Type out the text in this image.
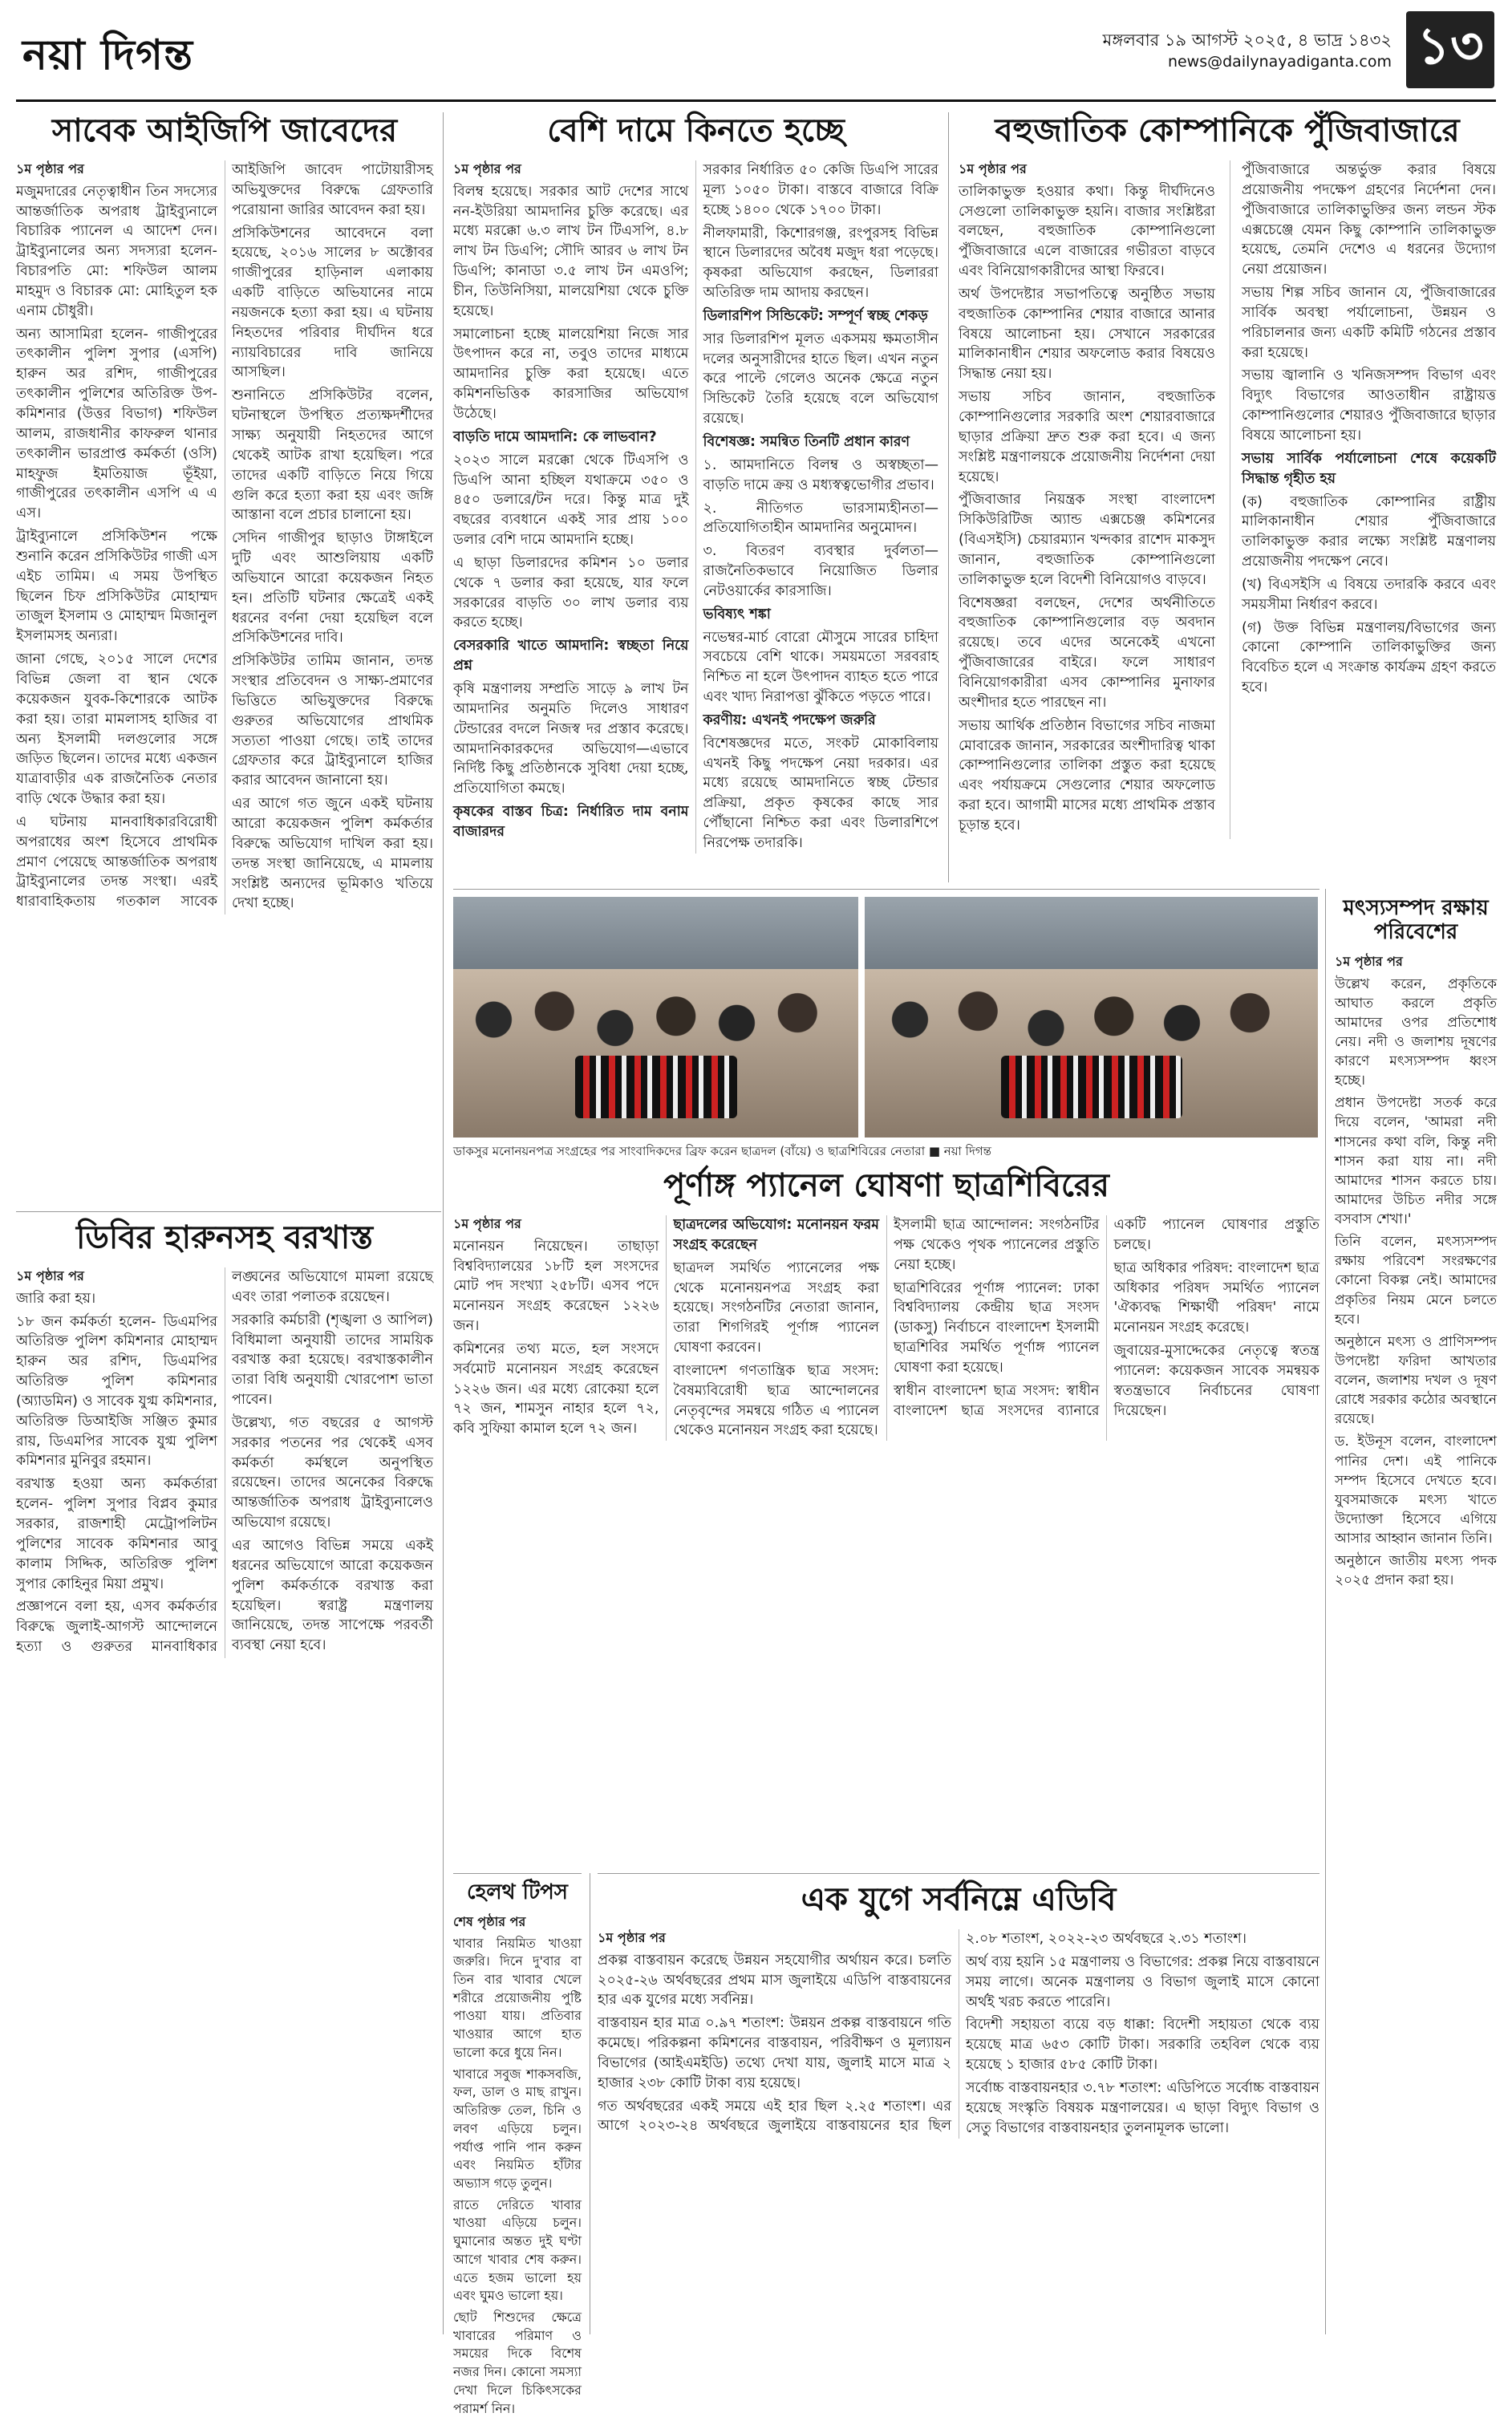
নয়া দিগন্ত	মঙ্গলবার ১৯ আগস্ট ২০২৫, ৪ ভাদ্র ১৪৩২
news@dailynayadiganta.com ১৩
সাবেক আইজিপি জাবেদের

১ম পৃষ্ঠার পর

মজুমদারের নেতৃত্বাধীন তিন সদস্যের আন্তর্জাতিক অপরাধ ট্রাইব্যুনালে বিচারিক প্যানেল এ আদেশ দেন। ট্রাইব্যুনালের অন্য সদস্যরা হলেন- বিচারপতি মো: শফিউল আলম মাহমুদ ও বিচারক মো: মোহিতুল হক এনাম চৌধুরী।

অন্য আসামিরা হলেন- গাজীপুরের তৎকালীন পুলিশ সুপার (এসপি) হারুন অর রশিদ, গাজীপুরের তৎকালীন পুলিশের অতিরিক্ত উপ-কমিশনার (উত্তর বিভাগ) শফিউল আলম, রাজধানীর কাফরুল থানার তৎকালীন ভারপ্রাপ্ত কর্মকর্তা (ওসি) মাহফুজ ইমতিয়াজ ভূঁইয়া, গাজীপুরের তৎকালীন এসপি এ এ এস।

ট্রাইব্যুনালে প্রসিকিউশন পক্ষে শুনানি করেন প্রসিকিউটর গাজী এস এইচ তামিম। এ সময় উপস্থিত ছিলেন চিফ প্রসিকিউটর মোহাম্মদ তাজুল ইসলাম ও মোহাম্মদ মিজানুল ইসলামসহ অন্যরা।

জানা গেছে, ২০১৫ সালে দেশের বিভিন্ন জেলা বা স্থান থেকে কয়েকজন যুবক-কিশোরকে আটক করা হয়। তারা মামলাসহ হাজির বা অন্য ইসলামী দলগুলোর সঙ্গে জড়িত ছিলেন। তাদের মধ্যে একজন যাত্রাবাড়ীর এক রাজনৈতিক নেতার বাড়ি থেকে উদ্ধার করা হয়।

এ ঘটনায় মানবাধিকারবিরোধী অপরাধের অংশ হিসেবে প্রাথমিক প্রমাণ পেয়েছে আন্তর্জাতিক অপরাধ ট্রাইব্যুনালের তদন্ত সংস্থা। এরই ধারাবাহিকতায় গতকাল সাবেক আইজিপি জাবেদ পাটোয়ারীসহ অভিযুক্তদের বিরুদ্ধে গ্রেফতারি পরোয়ানা জারির আবেদন করা হয়।

প্রসিকিউশনের আবেদনে বলা হয়েছে, ২০১৬ সালের ৮ অক্টোবর গাজীপুরের হাড়িনাল এলাকায় একটি বাড়িতে অভিযানের নামে নয়জনকে হত্যা করা হয়। এ ঘটনায় নিহতদের পরিবার দীর্ঘদিন ধরে ন্যায়বিচারের দাবি জানিয়ে আসছিল।

শুনানিতে প্রসিকিউটর বলেন, ঘটনাস্থলে উপস্থিত প্রত্যক্ষদর্শীদের সাক্ষ্য অনুযায়ী নিহতদের আগে থেকেই আটক রাখা হয়েছিল। পরে তাদের একটি বাড়িতে নিয়ে গিয়ে গুলি করে হত্যা করা হয় এবং জঙ্গি আস্তানা বলে প্রচার চালানো হয়।

সেদিন গাজীপুর ছাড়াও টাঙ্গাইলে দুটি এবং আশুলিয়ায় একটি অভিযানে আরো কয়েকজন নিহত হন। প্রতিটি ঘটনার ক্ষেত্রেই একই ধরনের বর্ণনা দেয়া হয়েছিল বলে প্রসিকিউশনের দাবি।

প্রসিকিউটর তামিম জানান, তদন্ত সংস্থার প্রতিবেদন ও সাক্ষ্য-প্রমাণের ভিত্তিতে অভিযুক্তদের বিরুদ্ধে গুরুতর অভিযোগের প্রাথমিক সত্যতা পাওয়া গেছে। তাই তাদের গ্রেফতার করে ট্রাইব্যুনালে হাজির করার আবেদন জানানো হয়।

এর আগে গত জুনে একই ঘটনায় আরো কয়েকজন পুলিশ কর্মকর্তার বিরুদ্ধে অভিযোগ দাখিল করা হয়। তদন্ত সংস্থা জানিয়েছে, এ মামলায় সংশ্লিষ্ট অন্যদের ভূমিকাও খতিয়ে দেখা হচ্ছে।

বেশি দামে কিনতে হচ্ছে

১ম পৃষ্ঠার পর

বিলম্ব হয়েছে। সরকার আট দেশের সাথে নন-ইউরিয়া আমদানির চুক্তি করেছে। এর মধ্যে মরক্কো ৬.৩ লাখ টন টিএসপি, ৪.৮ লাখ টন ডিএপি; সৌদি আরব ৬ লাখ টন ডিএপি; কানাডা ৩.৫ লাখ টন এমওপি; চীন, তিউনিসিয়া, মালয়েশিয়া থেকে চুক্তি হয়েছে।

সমালোচনা হচ্ছে মালয়েশিয়া নিজে সার উৎপাদন করে না, তবুও তাদের মাধ্যমে আমদানির চুক্তি করা হয়েছে। এতে কমিশনভিত্তিক কারসাজির অভিযোগ উঠেছে।

বাড়তি দামে আমদানি: কে লাভবান?

২০২৩ সালে মরক্কো থেকে টিএসপি ও ডিএপি আনা হচ্ছিল যথাক্রমে ৩৫০ ও ৪৫০ ডলারে/টন দরে। কিন্তু মাত্র দুই বছরের ব্যবধানে একই সার প্রায় ১০০ ডলার বেশি দামে আমদানি হচ্ছে।

এ ছাড়া ডিলারদের কমিশন ১০ ডলার থেকে ৭ ডলার করা হয়েছে, যার ফলে সরকারের বাড়তি ৩০ লাখ ডলার ব্যয় করতে হচ্ছে।

বেসরকারি খাতে আমদানি: স্বচ্ছতা নিয়ে প্রশ্ন

কৃষি মন্ত্রণালয় সম্প্রতি সাড়ে ৯ লাখ টন আমদানির অনুমতি দিলেও সাধারণ টেন্ডারের বদলে নিজস্ব দর প্রস্তাব করেছে। আমদানিকারকদের অভিযোগ—এভাবে নির্দিষ্ট কিছু প্রতিষ্ঠানকে সুবিধা দেয়া হচ্ছে, প্রতিযোগিতা কমছে।

কৃষকের বাস্তব চিত্র: নির্ধারিত দাম বনাম বাজারদর

সরকার নির্ধারিত ৫০ কেজি ডিএপি সারের মূল্য ১০৫০ টাকা। বাস্তবে বাজারে বিক্রি হচ্ছে ১৪০০ থেকে ১৭০০ টাকা।

নীলফামারী, কিশোরগঞ্জ, রংপুরসহ বিভিন্ন স্থানে ডিলারদের অবৈধ মজুদ ধরা পড়েছে। কৃষকরা অভিযোগ করছেন, ডিলাররা অতিরিক্ত দাম আদায় করছেন।

ডিলারশিপ সিন্ডিকেট: সম্পূর্ণ স্বচ্ছ শেকড়

সার ডিলারশিপ মূলত একসময় ক্ষমতাসীন দলের অনুসারীদের হাতে ছিল। এখন নতুন করে পাল্টে গেলেও অনেক ক্ষেত্রে নতুন সিন্ডিকেট তৈরি হয়েছে বলে অভিযোগ রয়েছে।

বিশেষজ্ঞ: সমন্বিত তিনটি প্রধান কারণ

১. আমদানিতে বিলম্ব ও অস্বচ্ছতা—বাড়তি দামে ক্রয় ও মধ্যস্বত্বভোগীর প্রভাব।

২. নীতিগত ভারসাম্যহীনতা—প্রতিযোগিতাহীন আমদানির অনুমোদন।

৩. বিতরণ ব্যবস্থার দুর্বলতা—রাজনৈতিকভাবে নিয়োজিত ডিলার নেটওয়ার্কের কারসাজি।

ভবিষ্যৎ শঙ্কা

নভেম্বর-মার্চ বোরো মৌসুমে সারের চাহিদা সবচেয়ে বেশি থাকে। সময়মতো সরবরাহ নিশ্চিত না হলে উৎপাদন ব্যাহত হতে পারে এবং খাদ্য নিরাপত্তা ঝুঁকিতে পড়তে পারে।

করণীয়: এখনই পদক্ষেপ জরুরি

বিশেষজ্ঞদের মতে, সংকট মোকাবিলায় এখনই কিছু পদক্ষেপ নেয়া দরকার। এর মধ্যে রয়েছে আমদানিতে স্বচ্ছ টেন্ডার প্রক্রিয়া, প্রকৃত কৃষকের কাছে সার পৌঁছানো নিশ্চিত করা এবং ডিলারশিপে নিরপেক্ষ তদারকি।

বহুজাতিক কোম্পানিকে পুঁজিবাজারে

১ম পৃষ্ঠার পর

তালিকাভুক্ত হওয়ার কথা। কিন্তু দীর্ঘদিনেও সেগুলো তালিকাভুক্ত হয়নি। বাজার সংশ্লিষ্টরা বলছেন, বহুজাতিক কোম্পানিগুলো পুঁজিবাজারে এলে বাজারের গভীরতা বাড়বে এবং বিনিয়োগকারীদের আস্থা ফিরবে।

অর্থ উপদেষ্টার সভাপতিত্বে অনুষ্ঠিত সভায় বহুজাতিক কোম্পানির শেয়ার বাজারে আনার বিষয়ে আলোচনা হয়। সেখানে সরকারের মালিকানাধীন শেয়ার অফলোড করার বিষয়েও সিদ্ধান্ত নেয়া হয়।

সভায় সচিব জানান, বহুজাতিক কোম্পানিগুলোর সরকারি অংশ শেয়ারবাজারে ছাড়ার প্রক্রিয়া দ্রুত শুরু করা হবে। এ জন্য সংশ্লিষ্ট মন্ত্রণালয়কে প্রয়োজনীয় নির্দেশনা দেয়া হয়েছে।

পুঁজিবাজার নিয়ন্ত্রক সংস্থা বাংলাদেশ সিকিউরিটিজ অ্যান্ড এক্সচেঞ্জ কমিশনের (বিএসইসি) চেয়ারম্যান খন্দকার রাশেদ মাকসুদ জানান, বহুজাতিক কোম্পানিগুলো তালিকাভুক্ত হলে বিদেশী বিনিয়োগও বাড়বে।

বিশেষজ্ঞরা বলছেন, দেশের অর্থনীতিতে বহুজাতিক কোম্পানিগুলোর বড় অবদান রয়েছে। তবে এদের অনেকেই এখনো পুঁজিবাজারের বাইরে। ফলে সাধারণ বিনিয়োগকারীরা এসব কোম্পানির মুনাফার অংশীদার হতে পারছেন না।

সভায় আর্থিক প্রতিষ্ঠান বিভাগের সচিব নাজমা মোবারেক জানান, সরকারের অংশীদারিত্ব থাকা কোম্পানিগুলোর তালিকা প্রস্তুত করা হয়েছে এবং পর্যায়ক্রমে সেগুলোর শেয়ার অফলোড করা হবে। আগামী মাসের মধ্যে প্রাথমিক প্রস্তাব চূড়ান্ত হবে।

পুঁজিবাজারে অন্তর্ভুক্ত করার বিষয়ে প্রয়োজনীয় পদক্ষেপ গ্রহণের নির্দেশনা দেন। পুঁজিবাজারে তালিকাভুক্তির জন্য লন্ডন স্টক এক্সচেঞ্জে যেমন কিছু কোম্পানি তালিকাভুক্ত হয়েছে, তেমনি দেশেও এ ধরনের উদ্যোগ নেয়া প্রয়োজন।

সভায় শিল্প সচিব জানান যে, পুঁজিবাজারের সার্বিক অবস্থা পর্যালোচনা, উন্নয়ন ও পরিচালনার জন্য একটি কমিটি গঠনের প্রস্তাব করা হয়েছে।

সভায় জ্বালানি ও খনিজসম্পদ বিভাগ এবং বিদ্যুৎ বিভাগের আওতাধীন রাষ্ট্রায়ত্ত কোম্পানিগুলোর শেয়ারও পুঁজিবাজারে ছাড়ার বিষয়ে আলোচনা হয়।

সভায় সার্বিক পর্যালোচনা শেষে কয়েকটি সিদ্ধান্ত গৃহীত হয়

(ক) বহুজাতিক কোম্পানির রাষ্ট্রীয় মালিকানাধীন শেয়ার পুঁজিবাজারে তালিকাভুক্ত করার লক্ষ্যে সংশ্লিষ্ট মন্ত্রণালয় প্রয়োজনীয় পদক্ষেপ নেবে।

(খ) বিএসইসি এ বিষয়ে তদারকি করবে এবং সময়সীমা নির্ধারণ করবে।

(গ) উক্ত বিভিন্ন মন্ত্রণালয়/বিভাগের জন্য কোনো কোম্পানি তালিকাভুক্তির জন্য বিবেচিত হলে এ সংক্রান্ত কার্যক্রম গ্রহণ করতে হবে।

ডাকসুর মনোনয়নপত্র সংগ্রহের পর সাংবাদিকদের ব্রিফ করেন ছাত্রদল (বাঁয়ে) ও ছাত্রশিবিরের নেতারা ■ নয়া দিগন্ত
মৎস্যসম্পদ রক্ষায় পরিবেশের

১ম পৃষ্ঠার পর

উল্লেখ করেন, প্রকৃতিকে আঘাত করলে প্রকৃতি আমাদের ওপর প্রতিশোধ নেয়। নদী ও জলাশয় দূষণের কারণে মৎস্যসম্পদ ধ্বংস হচ্ছে।

প্রধান উপদেষ্টা সতর্ক করে দিয়ে বলেন, 'আমরা নদী শাসনের কথা বলি, কিন্তু নদী শাসন করা যায় না। নদী আমাদের শাসন করতে চায়। আমাদের উচিত নদীর সঙ্গে বসবাস শেখা।'

তিনি বলেন, মৎস্যসম্পদ রক্ষায় পরিবেশ সংরক্ষণের কোনো বিকল্প নেই। আমাদের প্রকৃতির নিয়ম মেনে চলতে হবে।

অনুষ্ঠানে মৎস্য ও প্রাণিসম্পদ উপদেষ্টা ফরিদা আখতার বলেন, জলাশয় দখল ও দূষণ রোধে সরকার কঠোর অবস্থানে রয়েছে।

ড. ইউনূস বলেন, বাংলাদেশ পানির দেশ। এই পানিকে সম্পদ হিসেবে দেখতে হবে। যুবসমাজকে মৎস্য খাতে উদ্যোক্তা হিসেবে এগিয়ে আসার আহ্বান জানান তিনি।

অনুষ্ঠানে জাতীয় মৎস্য পদক ২০২৫ প্রদান করা হয়।

পূর্ণাঙ্গ প্যানেল ঘোষণা ছাত্রশিবিরের

১ম পৃষ্ঠার পর

মনোনয়ন নিয়েছেন। তাছাড়া বিশ্ববিদ্যালয়ের ১৮টি হল সংসদের মোট পদ সংখ্যা ২৫৮টি। এসব পদে মনোনয়ন সংগ্রহ করেছেন ১২২৬ জন।

কমিশনের তথ্য মতে, হল সংসদে সর্বমোট মনোনয়ন সংগ্রহ করেছেন ১২২৬ জন। এর মধ্যে রোকেয়া হলে ৭২ জন, শামসুন নাহার হলে ৭২, কবি সুফিয়া কামাল হলে ৭২ জন।

ছাত্রদলের অভিযোগ: মনোনয়ন ফরম সংগ্রহ করেছেন

ছাত্রদল সমর্থিত প্যানেলের পক্ষ থেকে মনোনয়নপত্র সংগ্রহ করা হয়েছে। সংগঠনটির নেতারা জানান, তারা শিগগিরই পূর্ণাঙ্গ প্যানেল ঘোষণা করবেন।

বাংলাদেশ গণতান্ত্রিক ছাত্র সংসদ: বৈষম্যবিরোধী ছাত্র আন্দোলনের নেতৃবৃন্দের সমন্বয়ে গঠিত এ প্যানেল থেকেও মনোনয়ন সংগ্রহ করা হয়েছে।

ইসলামী ছাত্র আন্দোলন: সংগঠনটির পক্ষ থেকেও পৃথক প্যানেলের প্রস্তুতি নেয়া হচ্ছে।

ছাত্রশিবিরের পূর্ণাঙ্গ প্যানেল: ঢাকা বিশ্ববিদ্যালয় কেন্দ্রীয় ছাত্র সংসদ (ডাকসু) নির্বাচনে বাংলাদেশ ইসলামী ছাত্রশিবির সমর্থিত পূর্ণাঙ্গ প্যানেল ঘোষণা করা হয়েছে।

স্বাধীন বাংলাদেশ ছাত্র সংসদ: স্বাধীন বাংলাদেশ ছাত্র সংসদের ব্যানারে একটি প্যানেল ঘোষণার প্রস্তুতি চলছে।

ছাত্র অধিকার পরিষদ: বাংলাদেশ ছাত্র অধিকার পরিষদ সমর্থিত প্যানেল 'ঐক্যবদ্ধ শিক্ষার্থী পরিষদ' নামে মনোনয়ন সংগ্রহ করেছে।

জুবায়ের-মুসাদ্দেকের নেতৃত্বে স্বতন্ত্র প্যানেল: কয়েকজন সাবেক সমন্বয়ক স্বতন্ত্রভাবে নির্বাচনের ঘোষণা দিয়েছেন।

ডিবির হারুনসহ বরখাস্ত

১ম পৃষ্ঠার পর

জারি করা হয়।

১৮ জন কর্মকর্তা হলেন- ডিএমপির অতিরিক্ত পুলিশ কমিশনার মোহাম্মদ হারুন অর রশিদ, ডিএমপির অতিরিক্ত পুলিশ কমিশনার (অ্যাডমিন) ও সাবেক যুগ্ম কমিশনার, অতিরিক্ত ডিআইজি সঞ্জিত কুমার রায়, ডিএমপির সাবেক যুগ্ম পুলিশ কমিশনার মুনিবুর রহমান।

বরখাস্ত হওয়া অন্য কর্মকর্তারা হলেন- পুলিশ সুপার বিপ্লব কুমার সরকার, রাজশাহী মেট্রোপলিটন পুলিশের সাবেক কমিশনার আবু কালাম সিদ্দিক, অতিরিক্ত পুলিশ সুপার কোহিনুর মিয়া প্রমুখ।

প্রজ্ঞাপনে বলা হয়, এসব কর্মকর্তার বিরুদ্ধে জুলাই-আগস্ট আন্দোলনে হত্যা ও গুরুতর মানবাধিকার লঙ্ঘনের অভিযোগে মামলা রয়েছে এবং তারা পলাতক রয়েছেন।

সরকারি কর্মচারী (শৃঙ্খলা ও আপিল) বিধিমালা অনুযায়ী তাদের সাময়িক বরখাস্ত করা হয়েছে। বরখাস্তকালীন তারা বিধি অনুযায়ী খোরপোশ ভাতা পাবেন।

উল্লেখ্য, গত বছরের ৫ আগস্ট সরকার পতনের পর থেকেই এসব কর্মকর্তা কর্মস্থলে অনুপস্থিত রয়েছেন। তাদের অনেকের বিরুদ্ধে আন্তর্জাতিক অপরাধ ট্রাইব্যুনালেও অভিযোগ রয়েছে।

এর আগেও বিভিন্ন সময়ে একই ধরনের অভিযোগে আরো কয়েকজন পুলিশ কর্মকর্তাকে বরখাস্ত করা হয়েছিল। স্বরাষ্ট্র মন্ত্রণালয় জানিয়েছে, তদন্ত সাপেক্ষে পরবর্তী ব্যবস্থা নেয়া হবে।

হেলথ টিপস

শেষ পৃষ্ঠার পর

খাবার নিয়মিত খাওয়া জরুরি। দিনে দু'বার বা তিন বার খাবার খেলে শরীরে প্রয়োজনীয় পুষ্টি পাওয়া যায়। প্রতিবার খাওয়ার আগে হাত ভালো করে ধুয়ে নিন।

খাবারে সবুজ শাকসবজি, ফল, ডাল ও মাছ রাখুন। অতিরিক্ত তেল, চিনি ও লবণ এড়িয়ে চলুন। পর্যাপ্ত পানি পান করুন এবং নিয়মিত হাঁটার অভ্যাস গড়ে তুলুন।

রাতে দেরিতে খাবার খাওয়া এড়িয়ে চলুন। ঘুমানোর অন্তত দুই ঘণ্টা আগে খাবার শেষ করুন। এতে হজম ভালো হয় এবং ঘুমও ভালো হয়।

ছোট শিশুদের ক্ষেত্রে খাবারের পরিমাণ ও সময়ের দিকে বিশেষ নজর দিন। কোনো সমস্যা দেখা দিলে চিকিৎসকের পরামর্শ নিন।

এক যুগে সর্বনিম্নে এডিবি

১ম পৃষ্ঠার পর

প্রকল্প বাস্তবায়ন করেছে উন্নয়ন সহযোগীর অর্থায়ন করে। চলতি ২০২৫-২৬ অর্থবছরের প্রথম মাস জুলাইয়ে এডিপি বাস্তবায়নের হার এক যুগের মধ্যে সর্বনিম্ন।

বাস্তবায়ন হার মাত্র ০.৯৭ শতাংশ: উন্নয়ন প্রকল্প বাস্তবায়নে গতি কমেছে। পরিকল্পনা কমিশনের বাস্তবায়ন, পরিবীক্ষণ ও মূল্যায়ন বিভাগের (আইএমইডি) তথ্যে দেখা যায়, জুলাই মাসে মাত্র ২ হাজার ২৩৮ কোটি টাকা ব্যয় হয়েছে।

গত অর্থবছরের একই সময়ে এই হার ছিল ২.২৫ শতাংশ। এর আগে ২০২৩-২৪ অর্থবছরে জুলাইয়ে বাস্তবায়নের হার ছিল ২.০৮ শতাংশ, ২০২২-২৩ অর্থবছরে ২.৩১ শতাংশ।

অর্থ ব্যয় হয়নি ১৫ মন্ত্রণালয় ও বিভাগের: প্রকল্প নিয়ে বাস্তবায়নে সময় লাগে। অনেক মন্ত্রণালয় ও বিভাগ জুলাই মাসে কোনো অর্থই খরচ করতে পারেনি।

বিদেশী সহায়তা ব্যয়ে বড় ধাক্কা: বিদেশী সহায়তা থেকে ব্যয় হয়েছে মাত্র ৬৫৩ কোটি টাকা। সরকারি তহবিল থেকে ব্যয় হয়েছে ১ হাজার ৫৮৫ কোটি টাকা।

সর্বোচ্চ বাস্তবায়নহার ৩.৭৮ শতাংশ: এডিপিতে সর্বোচ্চ বাস্তবায়ন হয়েছে সংস্কৃতি বিষয়ক মন্ত্রণালয়ের। এ ছাড়া বিদ্যুৎ বিভাগ ও সেতু বিভাগের বাস্তবায়নহার তুলনামূলক ভালো।
